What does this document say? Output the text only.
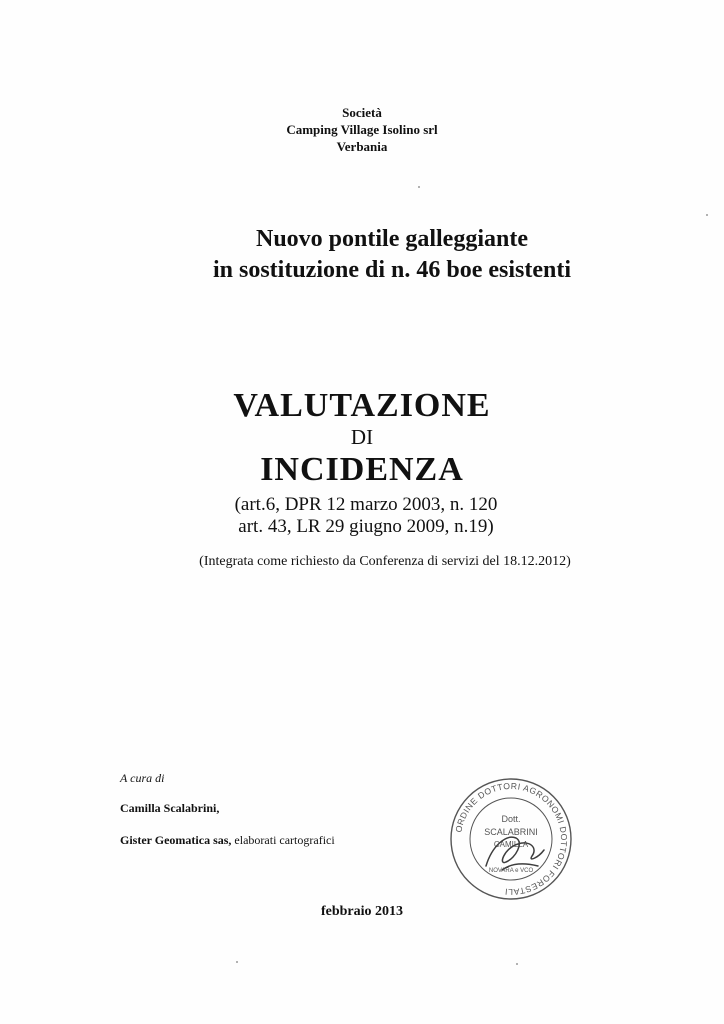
Società
Camping Village Isolino srl
Verbania
Nuovo pontile galleggiante
in sostituzione di n. 46 boe esistenti
VALUTAZIONE
DI
INCIDENZA
(art.6, DPR 12 marzo 2003, n. 120
art. 43, LR 29 giugno 2009, n.19)
(Integrata come richiesto da Conferenza di servizi del 18.12.2012)
A cura di
Camilla Scalabrini,
Gister Geomatica sas, elaborati cartografici
ORDINE DOTTORI AGRONOMI DOTTORI FORESTALI
Dott.
SCALABRINI
CAMILLA
NOVARA e VCO
febbraio 2013
